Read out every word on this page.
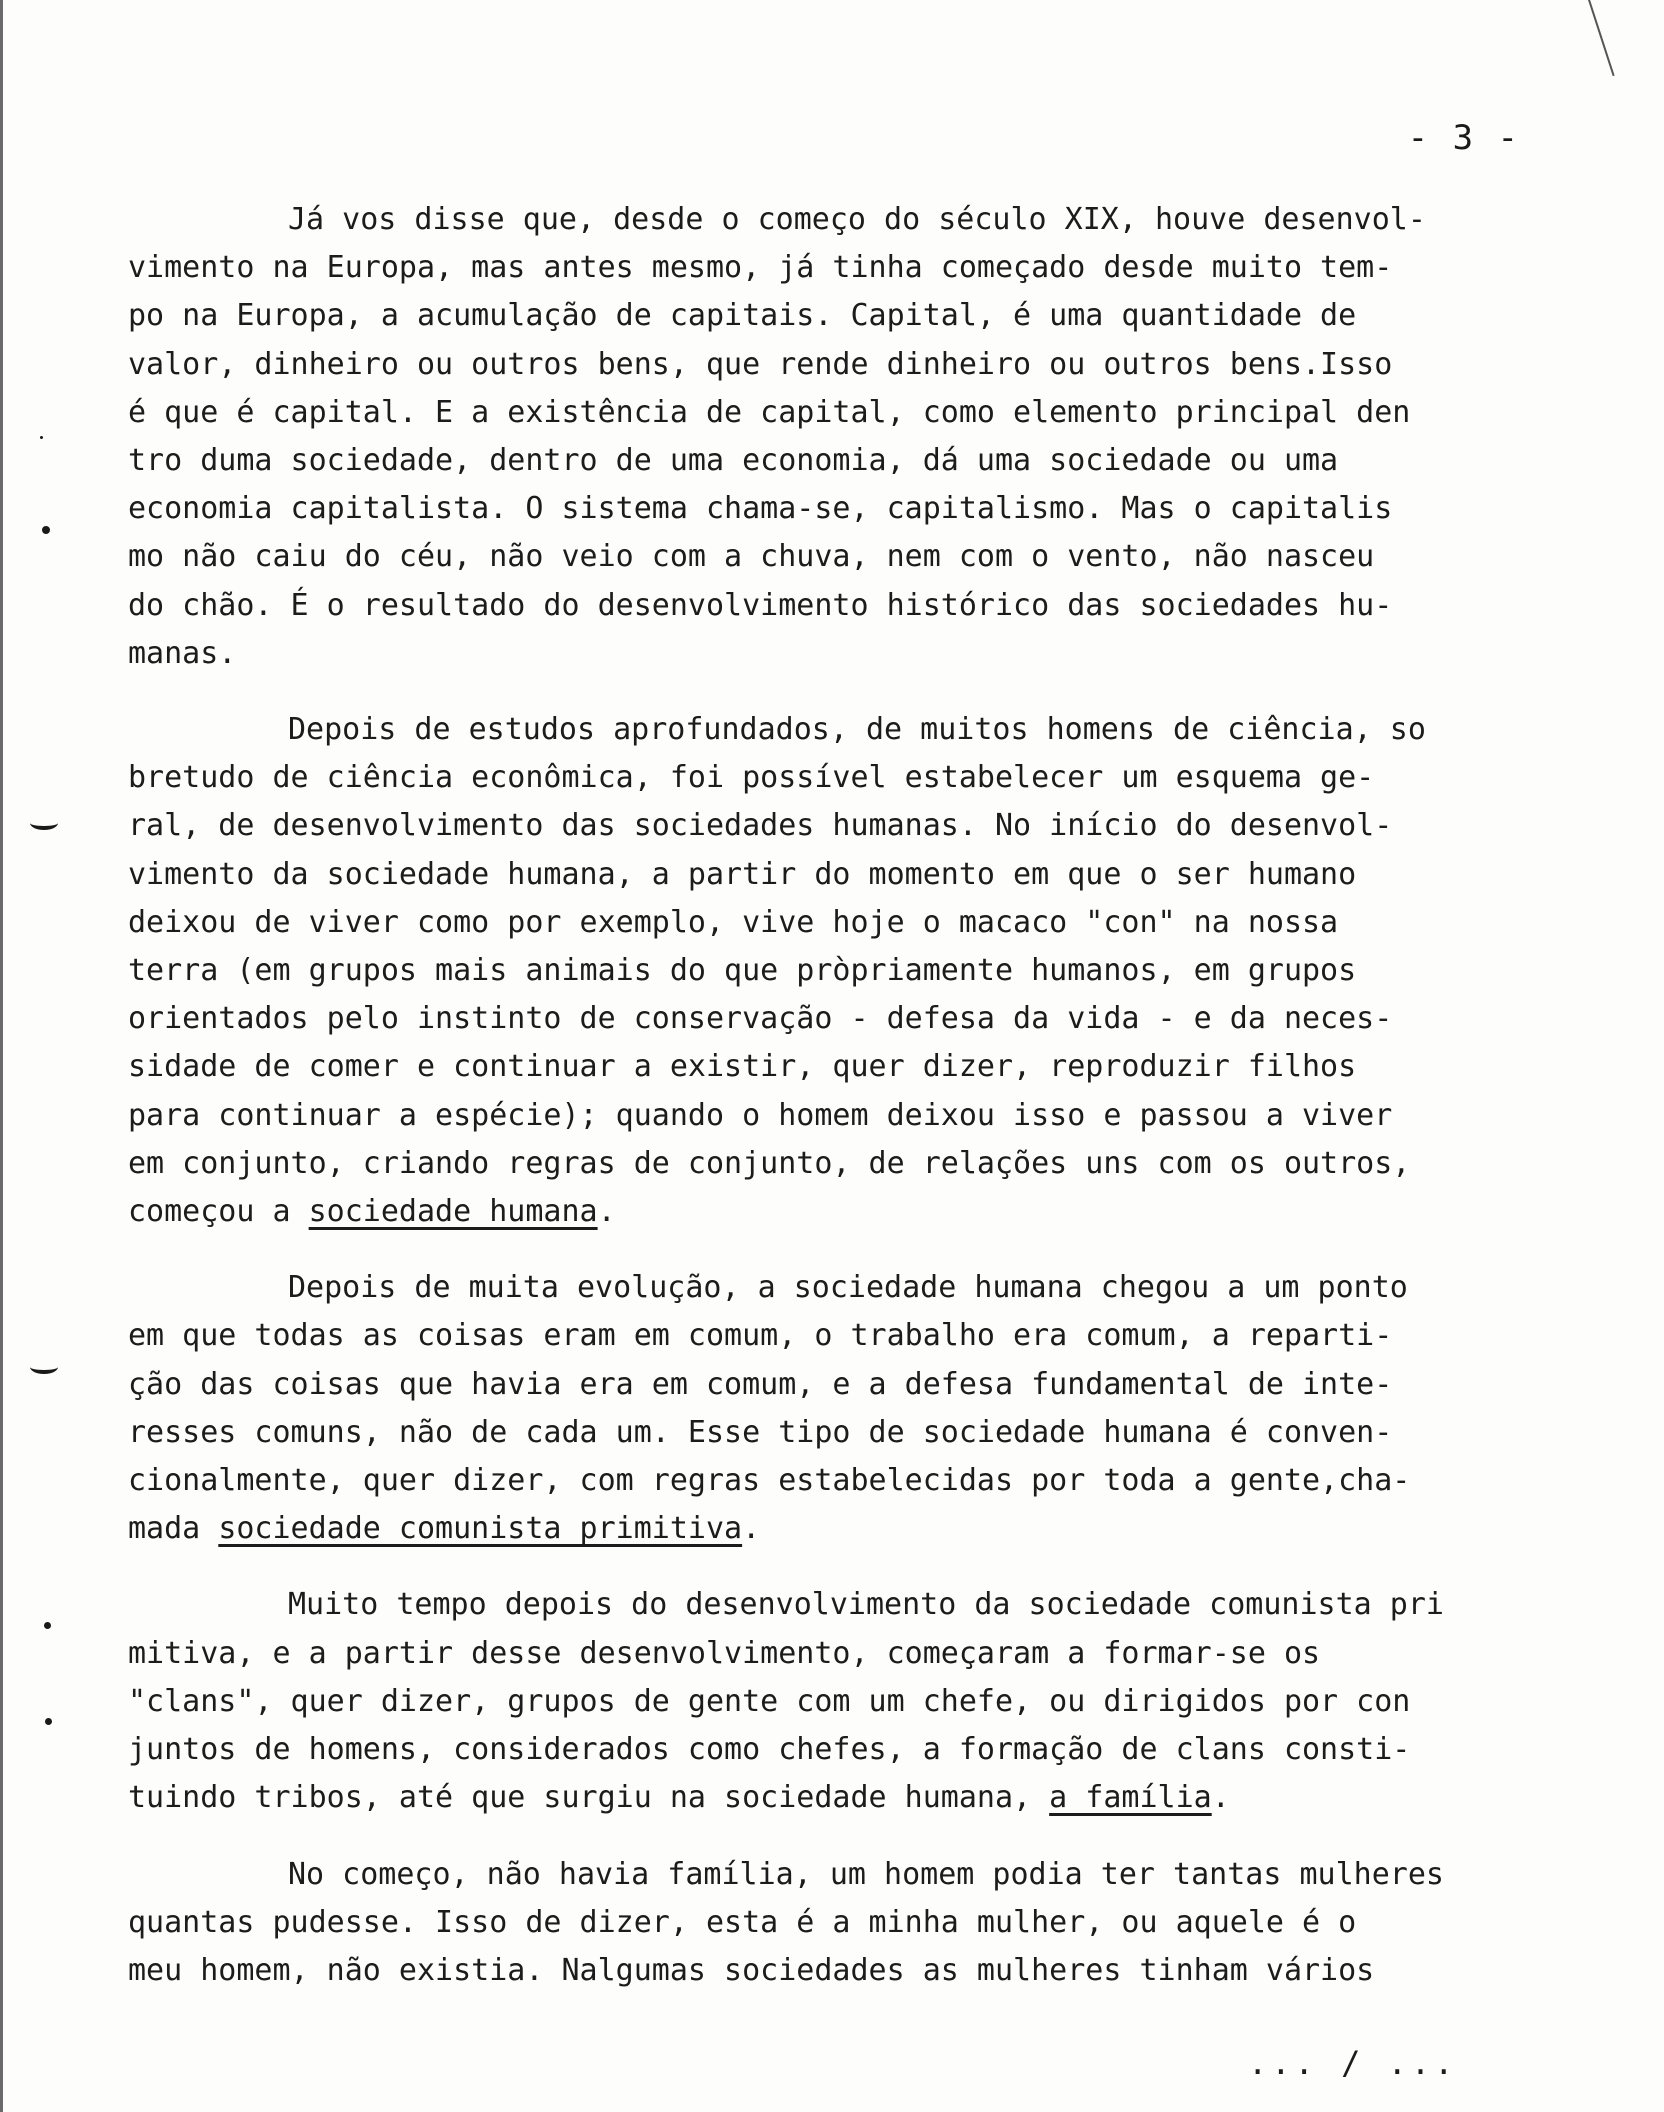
- 3 -

Já vos disse que, desde o começo do século XIX, houve desenvol-
vimento na Europa, mas antes mesmo, já tinha começado desde muito tem-
po na Europa, a acumulação de capitais. Capital, é uma quantidade de
valor, dinheiro ou outros bens, que rende dinheiro ou outros bens.Isso
é que é capital. E a existência de capital, como elemento principal den
tro duma sociedade, dentro de uma economia, dá uma sociedade ou uma
economia capitalista. O sistema chama-se, capitalismo. Mas o capitalis
mo não caiu do céu, não veio com a chuva, nem com o vento, não nasceu
do chão. É o resultado do desenvolvimento histórico das sociedades hu-
manas.

Depois de estudos aprofundados, de muitos homens de ciência, so
bretudo de ciência econômica, foi possível estabelecer um esquema ge-
ral, de desenvolvimento das sociedades humanas. No início do desenvol-
vimento da sociedade humana, a partir do momento em que o ser humano
deixou de viver como por exemplo, vive hoje o macaco "con" na nossa
terra (em grupos mais animais do que pròpriamente humanos, em grupos
orientados pelo instinto de conservação - defesa da vida - e da neces-
sidade de comer e continuar a existir, quer dizer, reproduzir filhos
para continuar a espécie); quando o homem deixou isso e passou a viver
em conjunto, criando regras de conjunto, de relações uns com os outros,
começou a sociedade humana.

Depois de muita evolução, a sociedade humana chegou a um ponto
em que todas as coisas eram em comum, o trabalho era comum, a reparti-
ção das coisas que havia era em comum, e a defesa fundamental de inte-
resses comuns, não de cada um. Esse tipo de sociedade humana é conven-
cionalmente, quer dizer, com regras estabelecidas por toda a gente,cha-
mada sociedade comunista primitiva.

Muito tempo depois do desenvolvimento da sociedade comunista pri
mitiva, e a partir desse desenvolvimento, começaram a formar-se os
"clans", quer dizer, grupos de gente com um chefe, ou dirigidos por con
juntos de homens, considerados como chefes, a formação de clans consti-
tuindo tribos, até que surgiu na sociedade humana, a família.

No começo, não havia família, um homem podia ter tantas mulheres
quantas pudesse. Isso de dizer, esta é a minha mulher, ou aquele é o
meu homem, não existia. Nalgumas sociedades as mulheres tinham vários

... / ...
